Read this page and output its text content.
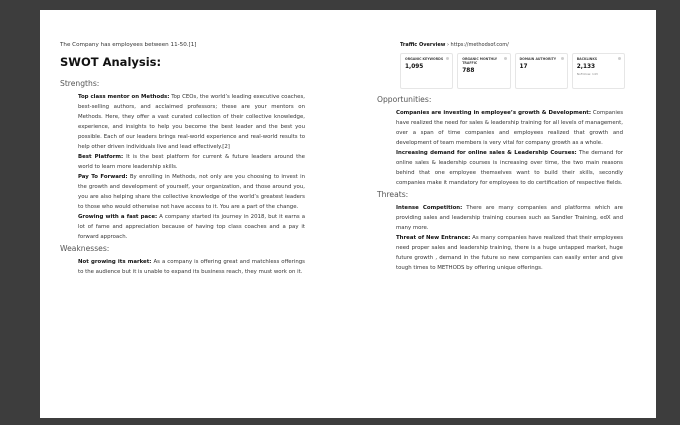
The Company has employees between 11-50.[1]
SWOT Analysis:
Strengths:
Top class mentor on Methods: Top CEOs, the world’s leading executive coaches, best-selling authors, and acclaimed professors; these are your mentors on Methods. Here, they offer a vast curated collection of their collective knowledge, experience, and insights to help you become the best leader and the best you possible. Each of our leaders brings real-world experience and real-world results to help other driven individuals live and lead effectively.[2]
Best Platform: It is the best platform for current & future leaders around the world to learn more leadership skills.
Pay To Forward: By enrolling in Methods, not only are you choosing to invest in the growth and development of yourself, your organization, and those around you, you are also helping share the collective knowledge of the world’s greatest leaders to those who would otherwise not have access to it. You are a part of the change.
Growing with a fast pace: A company started its journey in 2018, but it earns a lot of fame and appreciation because of having top class coaches and a pay it forward approach.
Weaknesses:
Not growing its market: As a company is offering great and matchless offerings to the audience but it is unable to expand its business reach, they must work on it.
Traffic Overview › https://methodsof.com/
ORGANIC KEYWORDS
1,095
ORGANIC MONTHLY TRAFFIC
788
DOMAIN AUTHORITY
17
BACKLINKS
2,133
NoFollow: 143
Opportunities:
Companies are investing in employee’s growth & Development: Companies have realized the need for sales & leadership training for all levels of management, over a span of time companies and employees realized that growth and development of team members is very vital for company growth as a whole.
Increasing demand for online sales & Leadership Courses: The demand for online sales & leadership courses is increasing over time, the two main reasons behind that one employee themselves want to build their skills, secondly companies make it mandatory for employees to do certification of respective fields.
Threats:
Intense Competition: There are many companies and platforms which are providing sales and leadership training courses such as Sandler Training, edX and many more.
Threat of New Entrance: As many companies have realized that their employees need proper sales and leadership training, there is a huge untapped market, huge future growth , demand in the future so new companies can easily enter and give tough times to METHODS by offering unique offerings.
